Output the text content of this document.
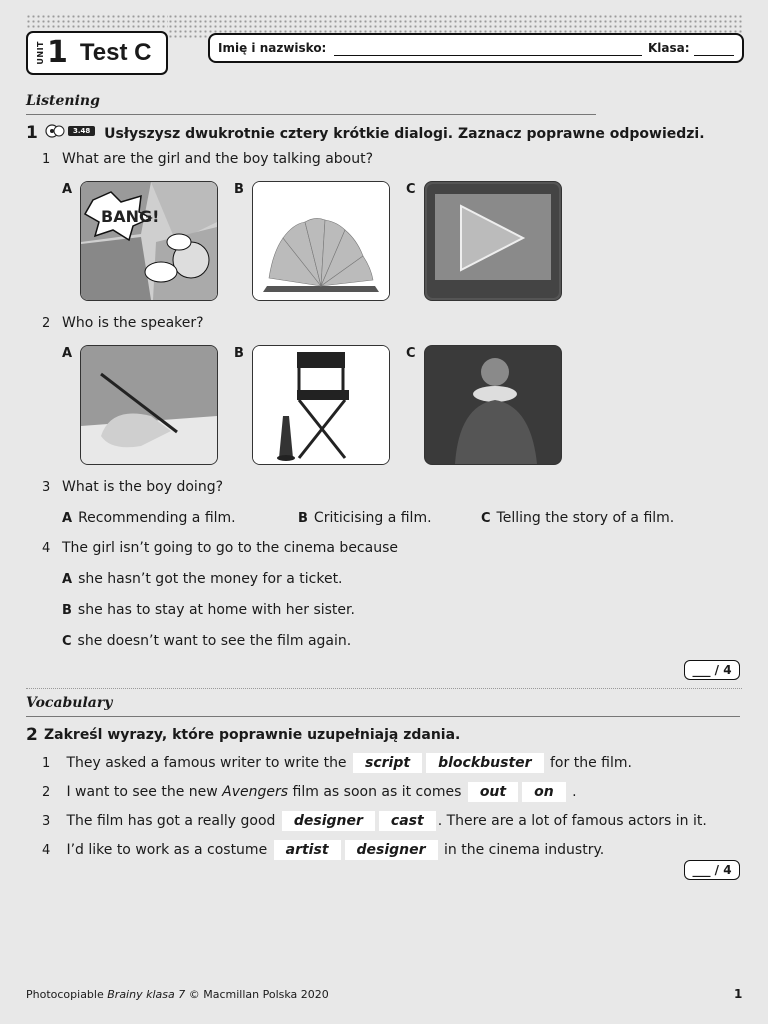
UNIT 1 Test C	Imię i nazwisko:	Klasa:
Listening
1	3.48 Usłyszysz dwukrotnie cztery krótkie dialogi. Zaznacz poprawne odpowiedzi.
1 What are the girl and the boy talking about?
A
BANG!
B	C
2 Who is the speaker?
A	B	C
3 What is the boy doing?
A Recommending a film.	B Criticising a film.	C Telling the story of a film.
4 The girl isn’t going to go to the cinema because
A she hasn’t got the money for a ticket.
B she has to stay at home with her sister.
C she doesn’t want to see the film again.
___ / 4
Vocabulary
2 Zakreśl wyrazy, które poprawnie uzupełniają zdania.
1 They asked a famous writer to write the script blockbuster for the film.
2 I want to see the new Avengers film as soon as it comes out on .
3 The film has got a really good designer cast . There are a lot of famous actors in it.
4 I’d like to work as a costume artist designer in the cinema industry.
___ / 4
Photocopiable Brainy klasa 7 © Macmillan Polska 2020	1
